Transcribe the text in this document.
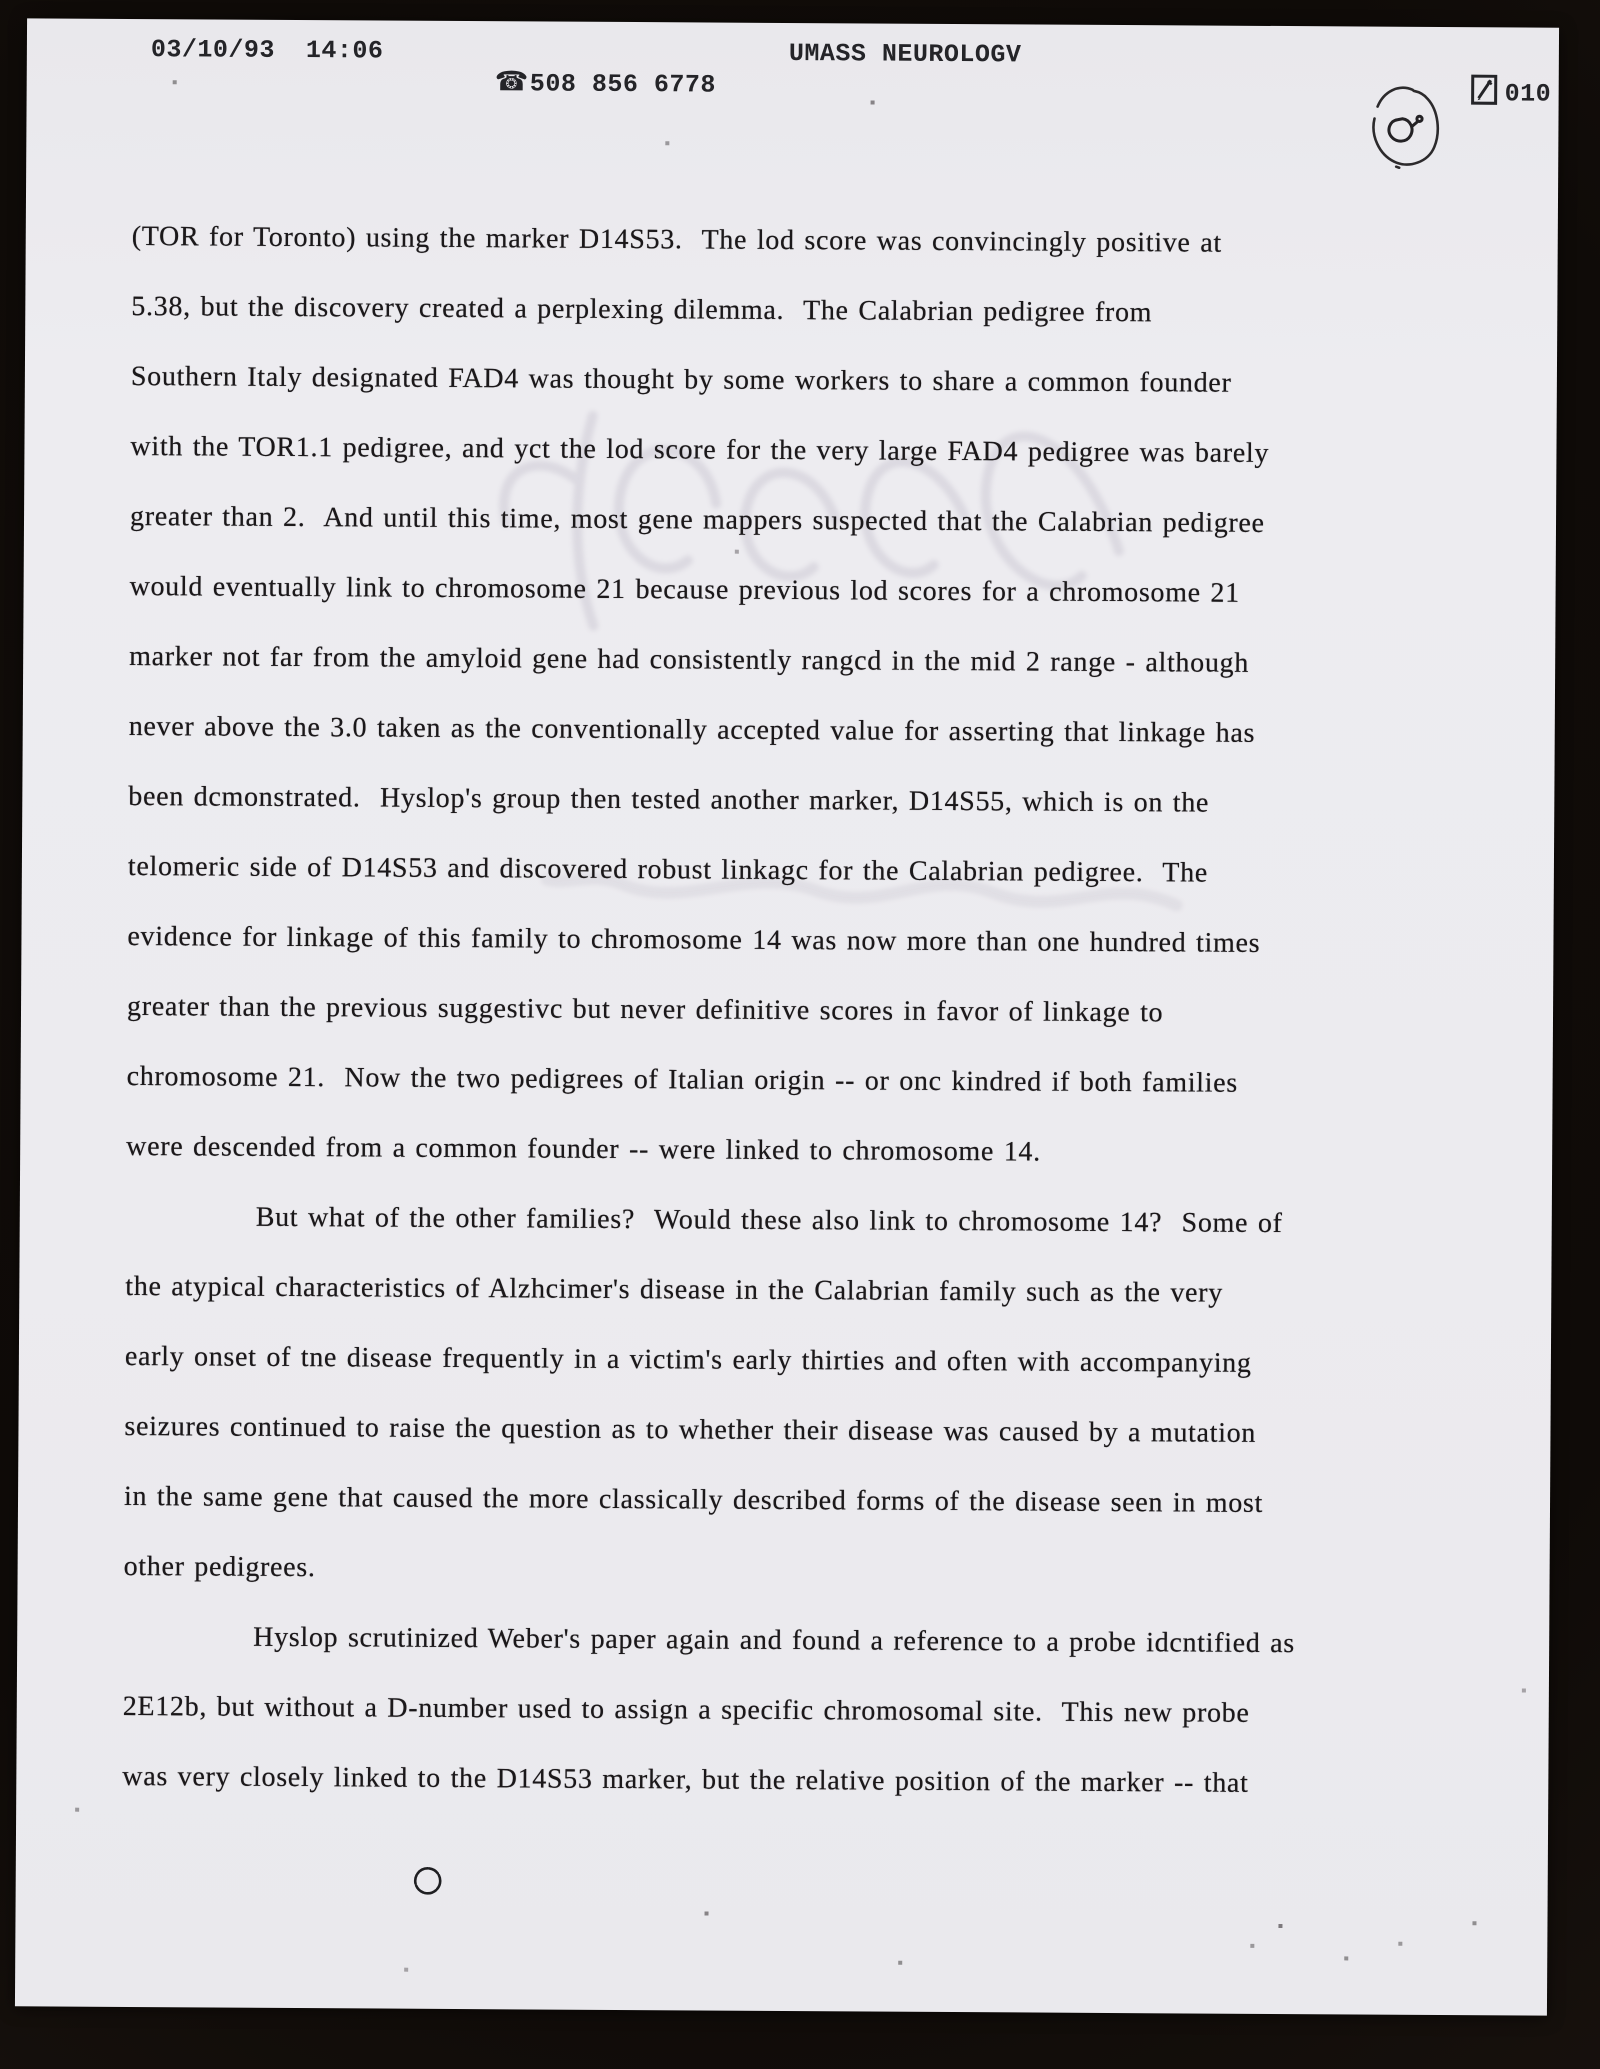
03/10/93 14:06

☎508 856 6778

UMASS NEUROLOGV

010

(TOR for Toronto) using the marker D14S53.  The lod score was convincingly positive at
5.38, but the discovery created a perplexing dilemma.  The Calabrian pedigree from
Southern Italy designated FAD4 was thought by some workers to share a common founder
with the TOR1.1 pedigree, and yct the lod score for the very large FAD4 pedigree was barely
greater than 2.  And until this time, most gene mappers suspected that the Calabrian pedigree
would eventually link to chromosome 21 because previous lod scores for a chromosome 21
marker not far from the amyloid gene had consistently rangcd in the mid 2 range - although
never above the 3.0 taken as the conventionally accepted value for asserting that linkage has
been dcmonstrated.  Hyslop's group then tested another marker, D14S55, which is on the
telomeric side of D14S53 and discovered robust linkagc for the Calabrian pedigree.  The
evidence for linkage of this family to chromosome 14 was now more than one hundred times
greater than the previous suggestivc but never definitive scores in favor of linkage to
chromosome 21.  Now the two pedigrees of Italian origin -- or onc kindred if both families
were descended from a common founder -- were linked to chromosome 14.
But what of the other families?  Would these also link to chromosome 14?  Some of
the atypical characteristics of Alzhcimer's disease in the Calabrian family such as the very
early onset of tne disease frequently in a victim's early thirties and often with accompanying
seizures continued to raise the question as to whether their disease was caused by a mutation
in the same gene that caused the more classically described forms of the disease seen in most
other pedigrees.
Hyslop scrutinized Weber's paper again and found a reference to a probe idcntified as
2E12b, but without a D-number used to assign a specific chromosomal site.  This new probe
was very closely linked to the D14S53 marker, but the relative position of the marker -- that
